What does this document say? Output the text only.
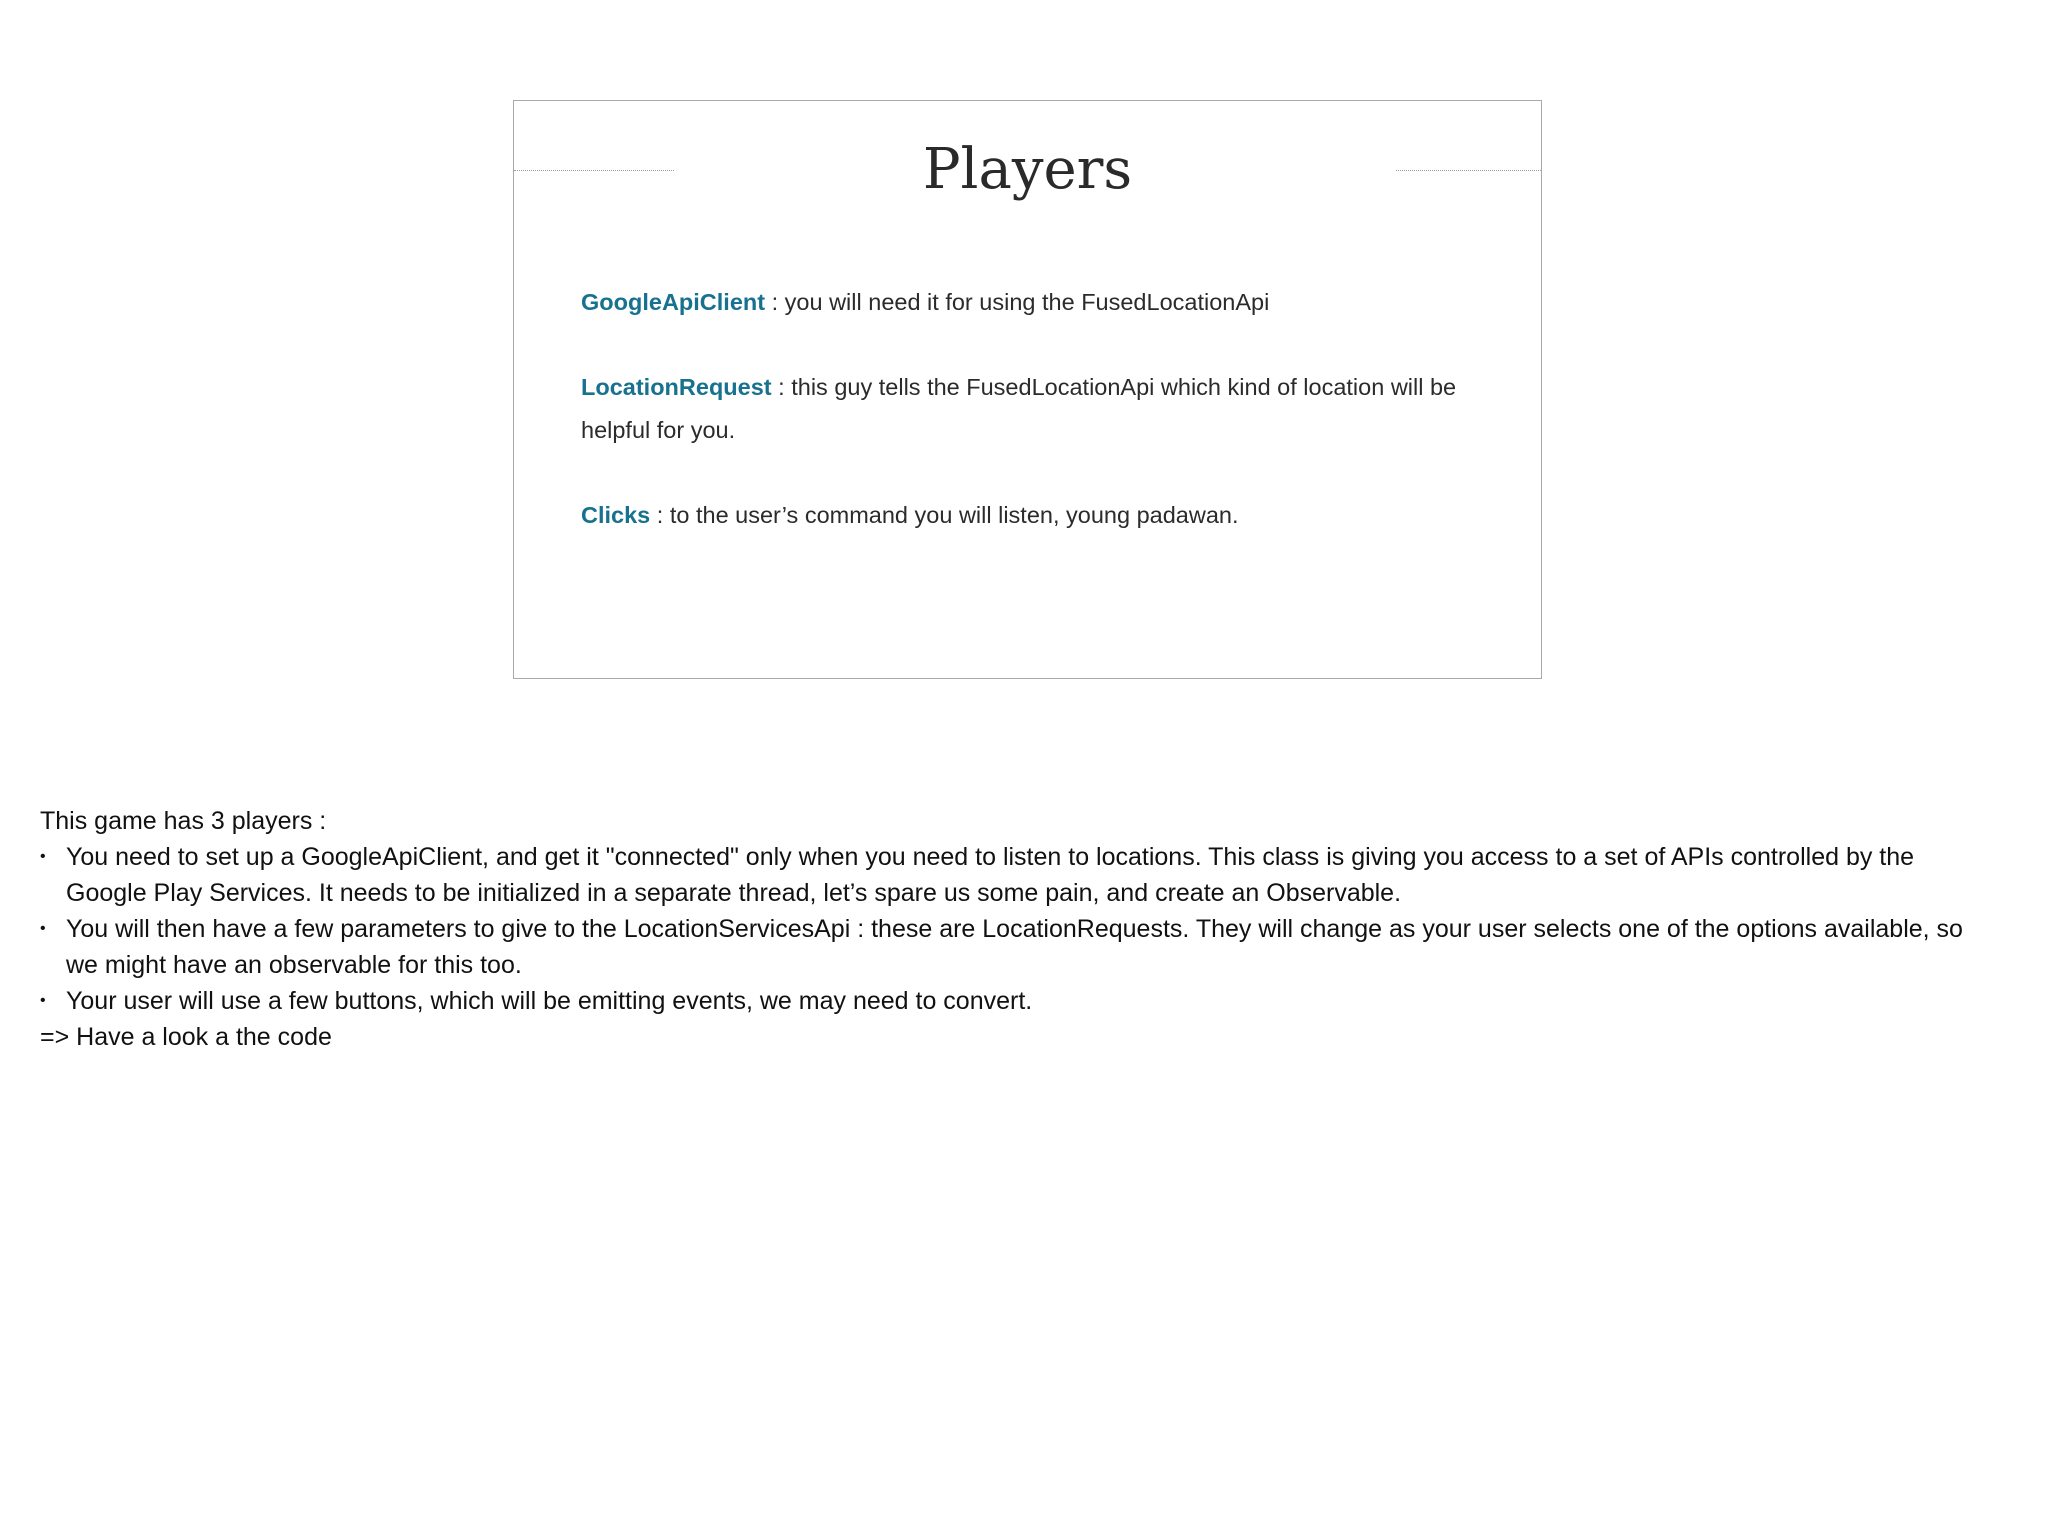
Players

GoogleApiClient : you will need it for using the FusedLocationApi

LocationRequest : this guy tells the FusedLocationApi which kind of location will be helpful for you.

Clicks : to the user’s command you will listen, young padawan.

This game has 3 players :

• You need to set up a GoogleApiClient, and get it "connected" only when you need to listen to locations. This class is giving you access to a set of APIs controlled by the Google Play Services. It needs to be initialized in a separate thread, let’s spare us some pain, and create an Observable.
• You will then have a few parameters to give to the LocationServicesApi : these are LocationRequests. They will change as your user selects one of the options available, so we might have an observable for this too.
• Your user will use a few buttons, which will be emitting events, we may need to convert.

=> Have a look a the code
